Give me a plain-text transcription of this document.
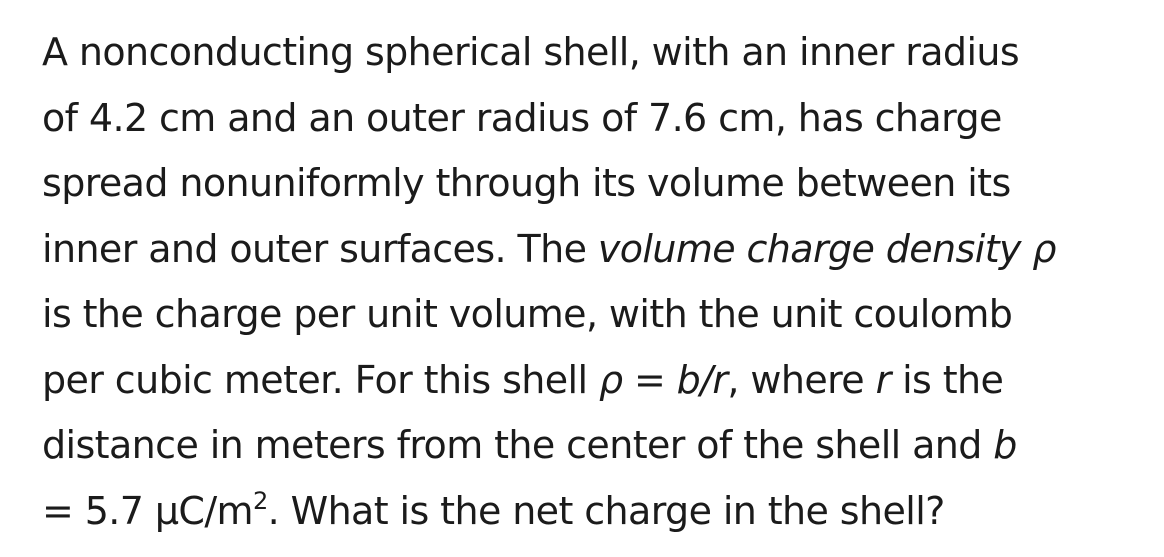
A nonconducting spherical shell, with an inner radius
of 4.2 cm and an outer radius of 7.6 cm, has charge
spread nonuniformly through its volume between its
inner and outer surfaces. The volume charge density ρ
is the charge per unit volume, with the unit coulomb
per cubic meter. For this shell ρ = b/r, where r is the
distance in meters from the center of the shell and b
= 5.7 $\mu C/m^2$. What is the net charge in the shell?
